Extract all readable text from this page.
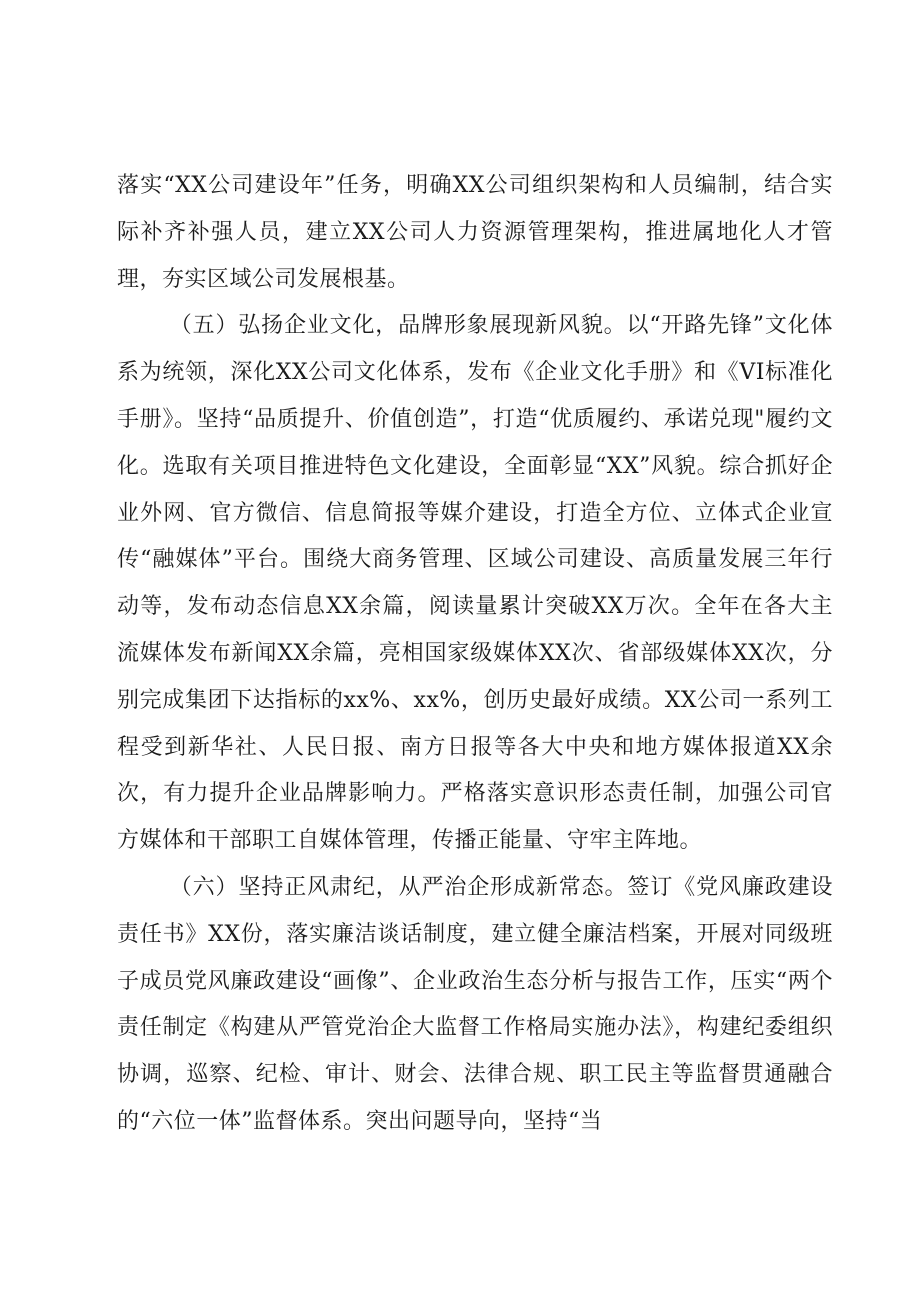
落实“XX公司建设年”任务，明确XX公司组织架构和人员编制，结合实际补齐补强人员，建立XX公司人力资源管理架构，推进属地化人才管理，夯实区域公司发展根基。

（五）弘扬企业文化，品牌形象展现新风貌。以“开路先锋”文化体系为统领，深化XX公司文化体系，发布《企业文化手册》和《VI标准化手册》。坚持“品质提升、价值创造”，打造“优质履约、承诺兑现"履约文化。选取有关项目推进特色文化建设，全面彰显“XX”风貌。综合抓好企业外网、官方微信、信息简报等媒介建设，打造全方位、立体式企业宣传“融媒体”平台。围绕大商务管理、区域公司建设、高质量发展三年行动等，发布动态信息XX余篇，阅读量累计突破XX万次。全年在各大主流媒体发布新闻XX余篇，亮相国家级媒体XX次、省部级媒体XX次，分别完成集团下达指标的xx%、xx%，创历史最好成绩。XX公司一系列工程受到新华社、人民日报、南方日报等各大中央和地方媒体报道XX余次，有力提升企业品牌影响力。严格落实意识形态责任制，加强公司官方媒体和干部职工自媒体管理，传播正能量、守牢主阵地。

（六）坚持正风肃纪，从严治企形成新常态。签订《党风廉政建设责任书》XX份，落实廉洁谈话制度，建立健全廉洁档案，开展对同级班子成员党风廉政建设“画像”、企业政治生态分析与报告工作，压实“两个责任制定《构建从严管党治企大监督工作格局实施办法》，构建纪委组织协调，巡察、纪检、审计、财会、法律合规、职工民主等监督贯通融合的“六位一体”监督体系。突出问题导向，坚持“当
